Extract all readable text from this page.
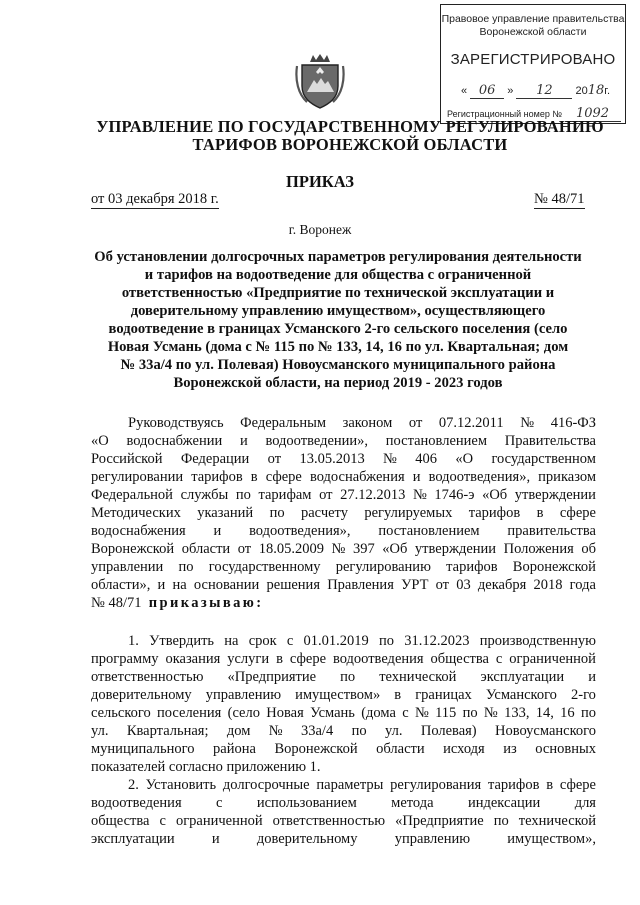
Правовое управление правительства
Воронежской области
ЗАРЕГИСТРИРОВАНО
« 06 » 12 2018г.
Регистрационный номер № 1092
УПРАВЛЕНИЕ ПО ГОСУДАРСТВЕННОМУ РЕГУЛИРОВАНИЮ
ТАРИФОВ ВОРОНЕЖСКОЙ ОБЛАСТИ
ПРИКАЗ
от 03 декабря 2018 г.	№ 48/71
г. Воронеж
Об установлении долгосрочных параметров регулирования деятельности
и тарифов на водоотведение для общества с ограниченной
ответственностью «Предприятие по технической эксплуатации и
доверительному управлению имуществом», осуществляющего
водоотведение в границах Усманского 2-го сельского поселения (село
Новая Усмань (дома с № 115 по № 133, 14, 16 по ул. Квартальная; дом
№ 33а/4 по ул. Полевая) Новоусманского муниципального района
Воронежской области, на период 2019 - 2023 годов
Руководствуясь Федеральным законом от 07.12.2011 № 416-ФЗ
«О водоснабжении и водоотведении», постановлением Правительства
Российской Федерации от 13.05.2013 № 406 «О государственном
регулировании тарифов в сфере водоснабжения и водоотведения», приказом
Федеральной службы по тарифам от 27.12.2013 № 1746-э «Об утверждении
Методических указаний по расчету регулируемых тарифов в сфере
водоснабжения и водоотведения», постановлением правительства
Воронежской области от 18.05.2009 № 397 «Об утверждении Положения об
управлении по государственному регулированию тарифов Воронежской
области», и на основании решения Правления УРТ от 03 декабря 2018 года
№ 48/71
приказываю:
1. Утвердить на срок с 01.01.2019 по 31.12.2023 производственную
программу оказания услуги в сфере водоотведения общества с ограниченной
ответственностью «Предприятие по технической эксплуатации и
доверительному управлению имуществом» в границах Усманского 2-го
сельского поселения (село Новая Усмань (дома с № 115 по № 133, 14, 16 по
ул. Квартальная; дом № 33а/4 по ул. Полевая) Новоусманского
муниципального района Воронежской области исходя из основных
показателей согласно приложению 1.
2. Установить долгосрочные параметры регулирования тарифов в сфере
водоотведения с использованием метода индексации для
общества с ограниченной ответственностью «Предприятие по технической
эксплуатации	и	доверительному	управлению	имуществом»,
